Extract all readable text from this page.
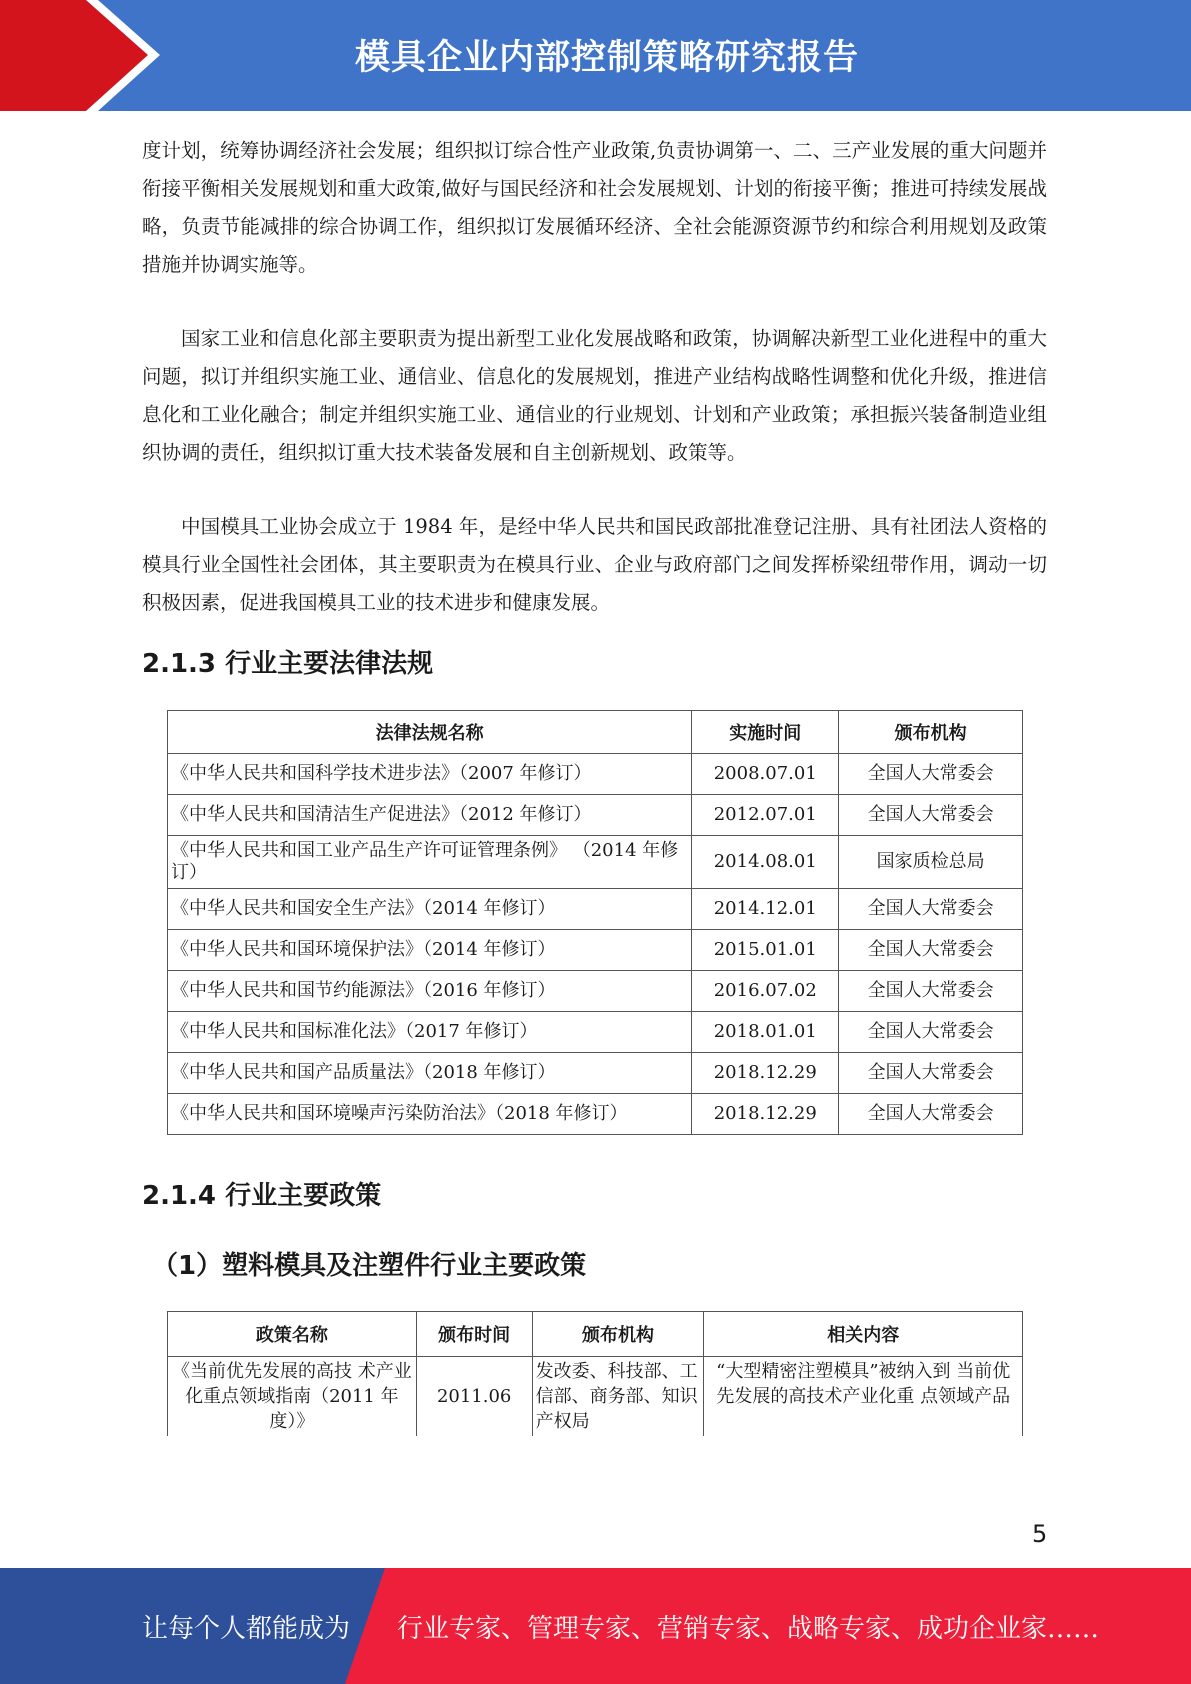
模具企业内部控制策略研究报告

度计划，统筹协调经济社会发展；组织拟订综合性产业政策,负责协调第一、二、三产业发展的重大问题并衔接平衡相关发展规划和重大政策,做好与国民经济和社会发展规划、计划的衔接平衡；推进可持续发展战略，负责节能减排的综合协调工作，组织拟订发展循环经济、全社会能源资源节约和综合利用规划及政策措施并协调实施等。

国家工业和信息化部主要职责为提出新型工业化发展战略和政策，协调解决新型工业化进程中的重大问题，拟订并组织实施工业、通信业、信息化的发展规划，推进产业结构战略性调整和优化升级，推进信息化和工业化融合；制定并组织实施工业、通信业的行业规划、计划和产业政策；承担振兴装备制造业组织协调的责任，组织拟订重大技术装备发展和自主创新规划、政策等。

中国模具工业协会成立于 1984 年，是经中华人民共和国民政部批准登记注册、具有社团法人资格的模具行业全国性社会团体，其主要职责为在模具行业、企业与政府部门之间发挥桥梁纽带作用，调动一切积极因素，促进我国模具工业的技术进步和健康发展。

2.1.3 行业主要法律法规
法律法规名称	实施时间	颁布机构
《中华人民共和国科学技术进步法》（2007 年修订）	2008.07.01	全国人大常委会
《中华人民共和国清洁生产促进法》（2012 年修订）	2012.07.01	全国人大常委会
《中华人民共和国工业产品生产许可证管理条例》 （2014 年修订）	2014.08.01	国家质检总局
《中华人民共和国安全生产法》（2014 年修订）	2014.12.01	全国人大常委会
《中华人民共和国环境保护法》（2014 年修订）	2015.01.01	全国人大常委会
《中华人民共和国节约能源法》（2016 年修订）	2016.07.02	全国人大常委会
《中华人民共和国标准化法》（2017 年修订）	2018.01.01	全国人大常委会
《中华人民共和国产品质量法》（2018 年修订）	2018.12.29	全国人大常委会
《中华人民共和国环境噪声污染防治法》（2018 年修订）	2018.12.29	全国人大常委会
2.1.4 行业主要政策
（1）塑料模具及注塑件行业主要政策
政策名称	颁布时间	颁布机构	相关内容
《当前优先发展的高技 术产业化重点领域指南（2011 年度）》	2011.06	发改委、科技部、工信部、商务部、知识产权局	“大型精密注塑模具”被纳入到 当前优先发展的高技术产业化重 点领域产品
5
让每个人都能成为 行业专家、管理专家、营销专家、战略专家、成功企业家……
